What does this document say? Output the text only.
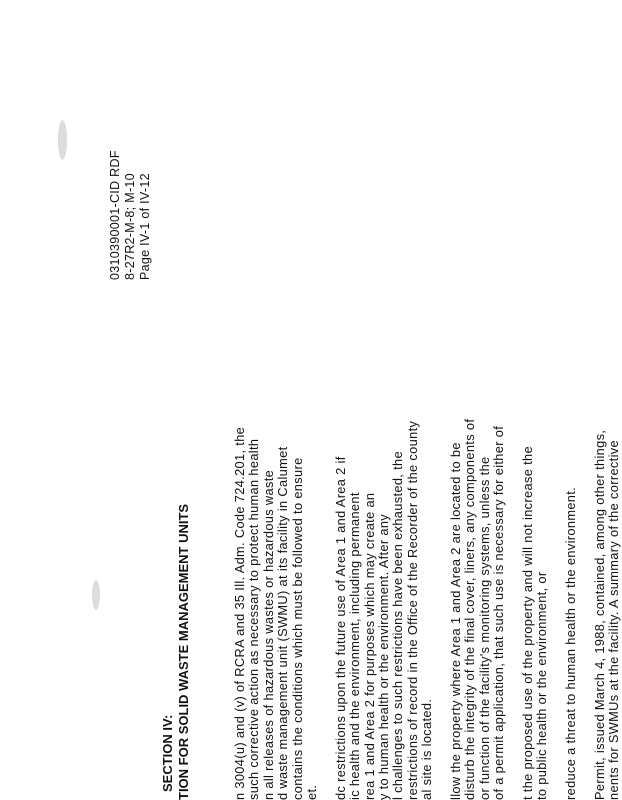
0310390001-CID RDF 8-27R2-M-8; M-10 Page IV-1 of IV-12
SECTION IV: TION FOR SOLID WASTE MANAGEMENT UNITS	n 3004(u) and (v) of RCRA and 35 Ill. Adm. Code 724.201, the such corrective action as necessary to protect human health n all releases of hazardous wastes or hazardous waste d waste management unit (SWMU) at its facility in Calumet contains the conditions which must be followed to ensure et. dc restrictions upon the future use of Area 1 and Area 2 if ic health and the environment, including permanent rea 1 and Area 2 for purposes which may create an y to human health or the environment. After any l challenges to such restrictions have been exhausted, the restrictions of record in the Office of the Recorder of the county al site is located. llow the property where Area 1 and Area 2 are located to be disturb the integrity of the final cover, liners, any components of or function of the facility's monitoring systems, unless the of a permit application, that such use is necessary for either of t the proposed use of the property and will not increase the to public health or the environment, or reduce a threat to human health or the environment. Permit, issued March 4, 1988, contained, among other things, nents for SWMUs at the facility. A summary of the corrective
